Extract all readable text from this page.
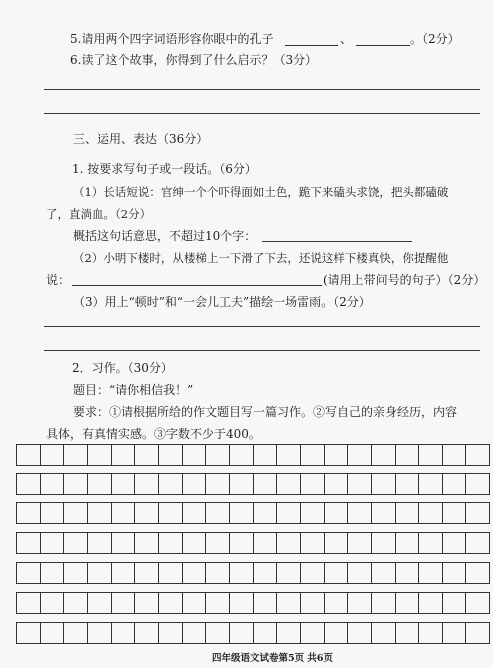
5.请用两个四字词语形容你眼中的孔子	、	。（2分）
6.读了这个故事，你得到了什么启示？（3分）
三、运用、表达（36分）
1. 按要求写句子或一段话。（6分）
（1）长话短说：官绅一个个吓得面如土色，跪下来磕头求饶，把头都磕破
了，直淌血。（2分）
概括这句话意思，不超过10个字：
（2）小明下楼时，从楼梯上一下滑了下去，还说这样下楼真快，你提醒他
说：	(请用上带问号的句子）（2分）
（3）用上“顿时”和“一会儿工夫”描绘一场雷雨。（2分）
2．习作。（30分）
题目：“请你相信我！”
要求：①请根据所给的作文题目写一篇习作。②写自己的亲身经历，内容
具体，有真情实感。③字数不少于400。
四年级语文试卷第5页 共6页
